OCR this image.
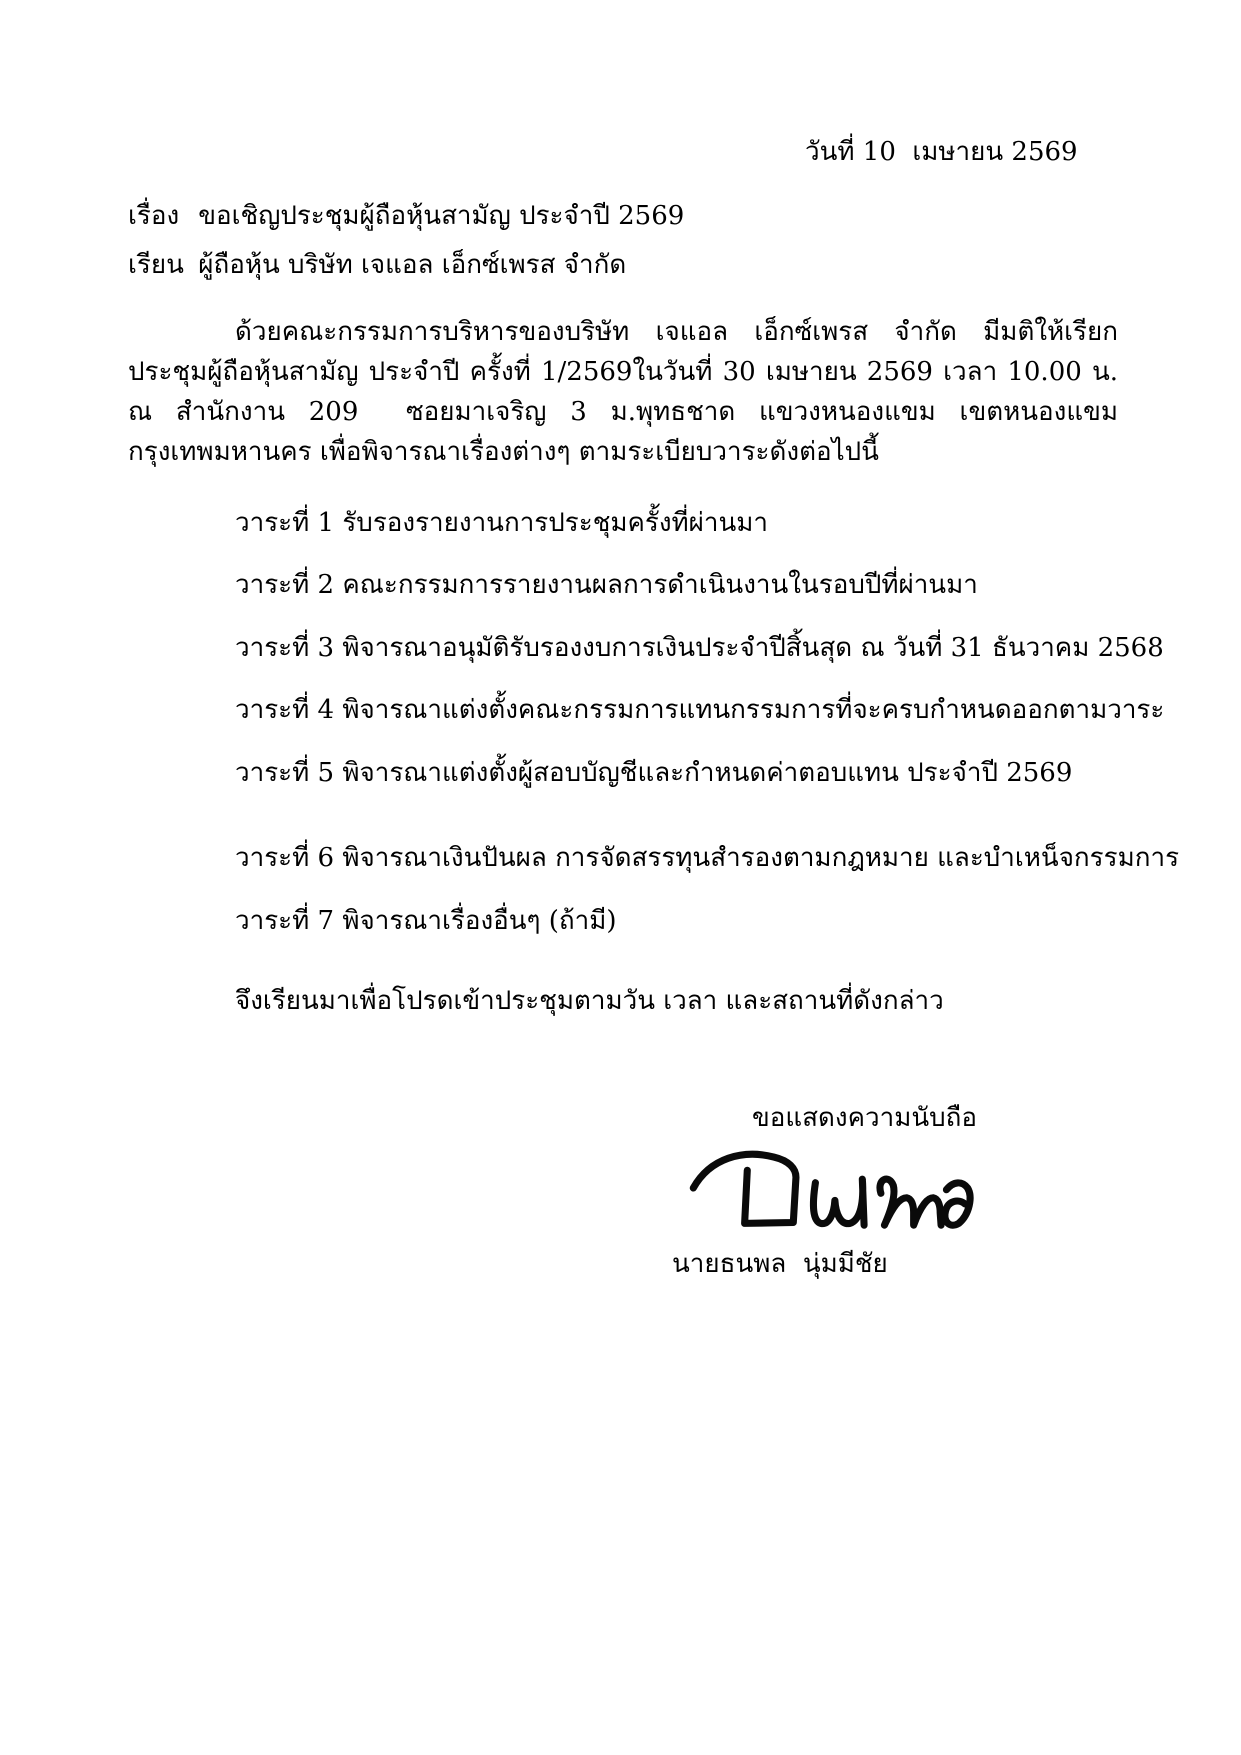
วันที่ 10  เมษายน 2569
เรื่อง ขอเชิญประชุมผู้ถือหุ้นสามัญ ประจำปี 2569
เรียน ผู้ถือหุ้น บริษัท เจแอล เอ็กซ์เพรส จำกัด
ด้วยคณะกรรมการบริหารของบริษัท เจแอล เอ็กซ์เพรส จำกัด มีมติให้เรียกประชุมผู้ถือหุ้นสามัญ ประจำปี ครั้งที่ 1/2569ในวันที่ 30 เมษายน 2569 เวลา 10.00 น. ณ สำนักงาน 209  ซอยมาเจริญ 3 ม.พุทธชาด แขวงหนองแขม เขตหนองแขม กรุงเทพมหานคร เพื่อพิจารณาเรื่องต่างๆ ตามระเบียบวาระดังต่อไปนี้
วาระที่ 1 รับรองรายงานการประชุมครั้งที่ผ่านมา
วาระที่ 2 คณะกรรมการรายงานผลการดำเนินงานในรอบปีที่ผ่านมา
วาระที่ 3 พิจารณาอนุมัติรับรองงบการเงินประจำปีสิ้นสุด ณ วันที่ 31 ธันวาคม 2568
วาระที่ 4 พิจารณาแต่งตั้งคณะกรรมการแทนกรรมการที่จะครบกำหนดออกตามวาระ
วาระที่ 5 พิจารณาแต่งตั้งผู้สอบบัญชีและกำหนดค่าตอบแทน ประจำปี 2569
วาระที่ 6 พิจารณาเงินปันผล การจัดสรรทุนสำรองตามกฎหมาย และบำเหน็จกรรมการ
วาระที่ 7 พิจารณาเรื่องอื่นๆ (ถ้ามี)
จึงเรียนมาเพื่อโปรดเข้าประชุมตามวัน เวลา และสถานที่ดังกล่าว
ขอแสดงความนับถือ
นายธนพล  นุ่มมีชัย
